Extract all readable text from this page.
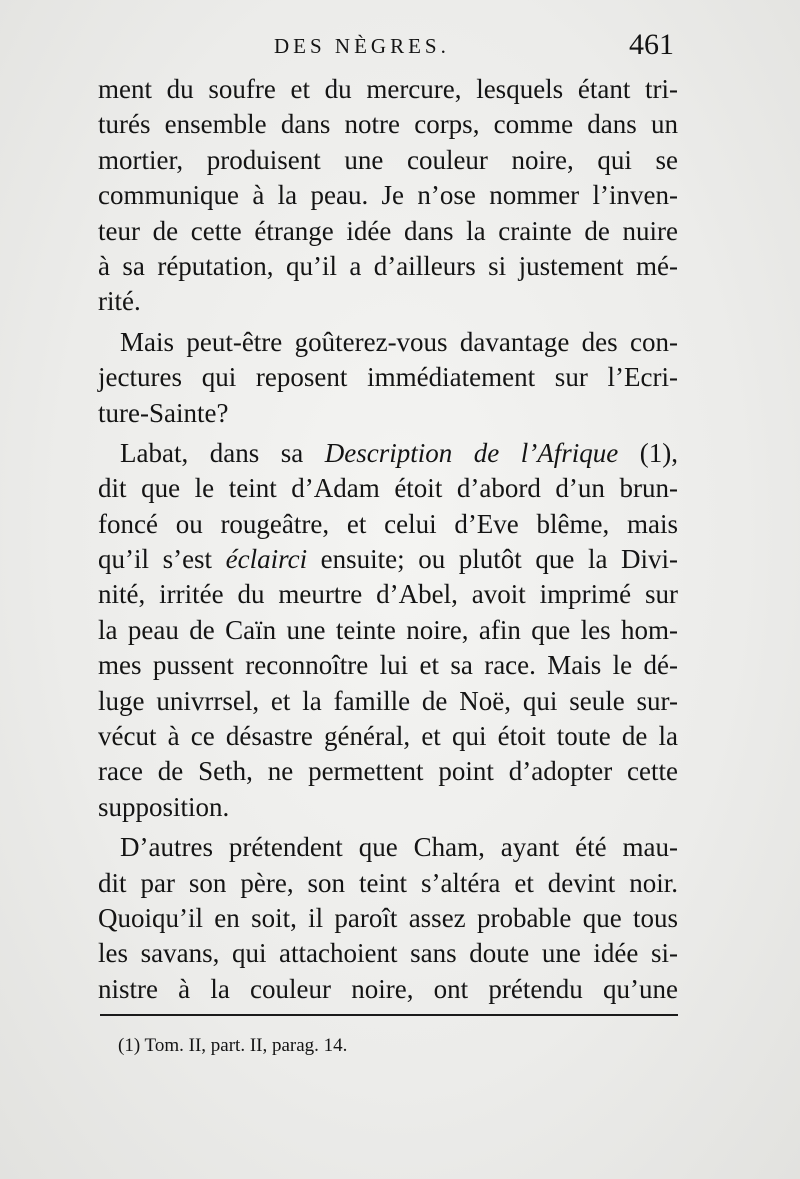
DES NÈGRES.	461
ment du soufre et du mercure, lesquels étant tri-
turés ensemble dans notre corps, comme dans un
mortier, produisent une couleur noire, qui se
communique à la peau. Je n’ose nommer l’inven-
teur de cette étrange idée dans la crainte de nuire
à sa réputation, qu’il a d’ailleurs si justement mé-
rité.
Mais peut-être goûterez-vous davantage des con-
jectures qui reposent immédiatement sur l’Ecri-
ture-Sainte?
Labat, dans sa Description de l’Afrique (1),
dit que le teint d’Adam étoit d’abord d’un brun-
foncé ou rougeâtre, et celui d’Eve blême, mais
qu’il s’est éclairci ensuite; ou plutôt que la Divi-
nité, irritée du meurtre d’Abel, avoit imprimé sur
la peau de Caïn une teinte noire, afin que les hom-
mes pussent reconnoître lui et sa race. Mais le dé-
luge univrrsel, et la famille de Noë, qui seule sur-
vécut à ce désastre général, et qui étoit toute de la
race de Seth, ne permettent point d’adopter cette
supposition.
D’autres prétendent que Cham, ayant été mau-
dit par son père, son teint s’altéra et devint noir.
Quoiqu’il en soit, il paroît assez probable que tous
les savans, qui attachoient sans doute une idée si-
nistre à la couleur noire, ont prétendu qu’une
(1) Tom. II, part. II, parag. 14.
